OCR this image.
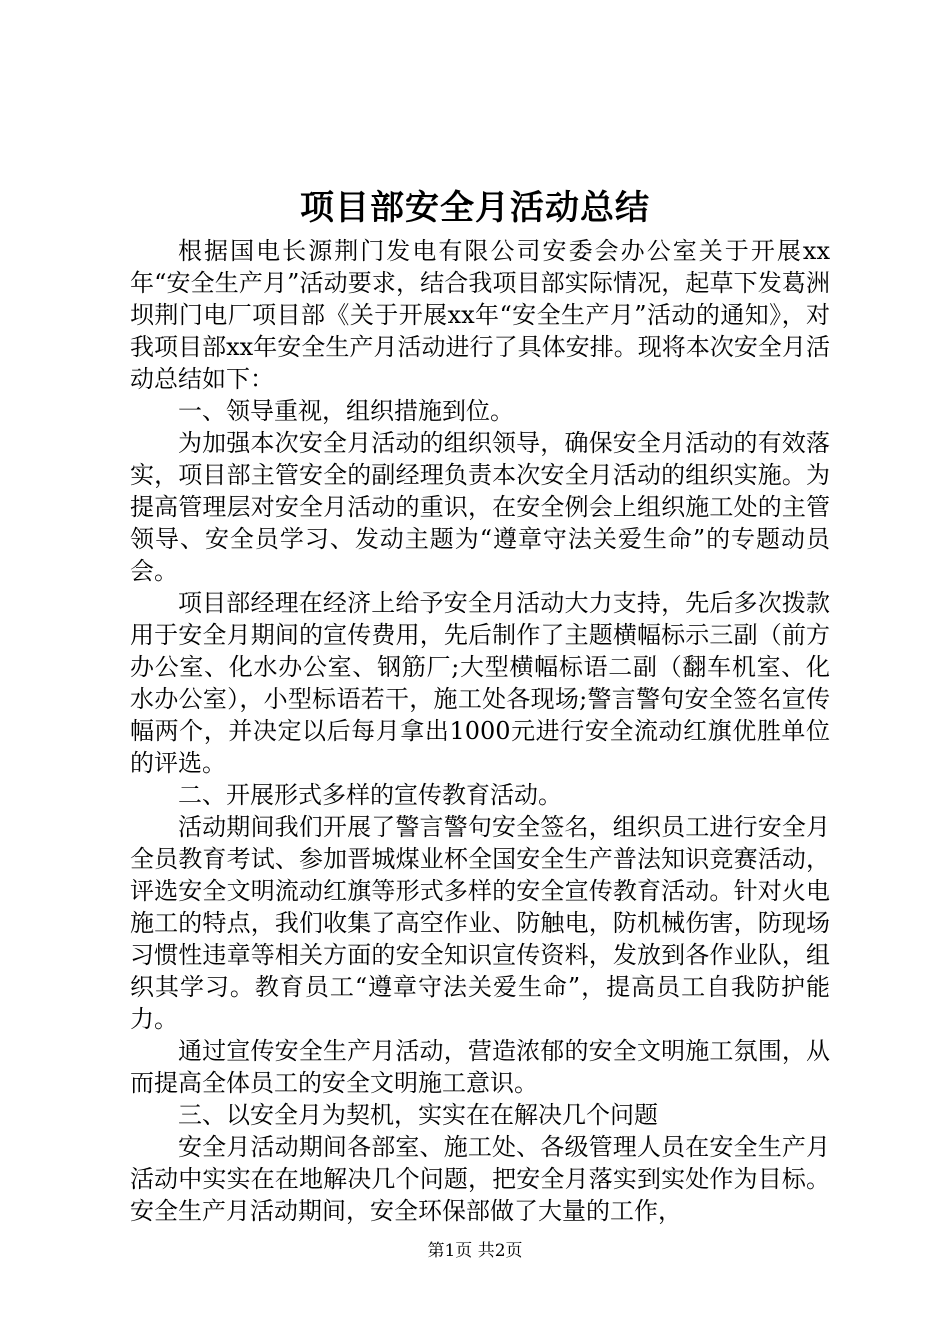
项目部安全月活动总结

根据国电长源荆门发电有限公司安委会办公室关于开展xx年“安全生产月”活动要求，结合我项目部实际情况，起草下发葛洲坝荆门电厂项目部《关于开展xx年“安全生产月”活动的通知》，对我项目部xx年安全生产月活动进行了具体安排。现将本次安全月活动总结如下：

一、领导重视，组织措施到位。

为加强本次安全月活动的组织领导，确保安全月活动的有效落实，项目部主管安全的副经理负责本次安全月活动的组织实施。为提高管理层对安全月活动的重识，在安全例会上组织施工处的主管领导、安全员学习、发动主题为“遵章守法关爱生命”的专题动员会。

项目部经理在经济上给予安全月活动大力支持，先后多次拨款用于安全月期间的宣传费用，先后制作了主题横幅标示三副（前方办公室、化水办公室、钢筋厂;大型横幅标语二副（翻车机室、化水办公室），小型标语若干，施工处各现场;警言警句安全签名宣传幅两个，并决定以后每月拿出1000元进行安全流动红旗优胜单位的评选。

二、开展形式多样的宣传教育活动。

活动期间我们开展了警言警句安全签名，组织员工进行安全月全员教育考试、参加晋城煤业杯全国安全生产普法知识竞赛活动，评选安全文明流动红旗等形式多样的安全宣传教育活动。针对火电施工的特点，我们收集了高空作业、防触电，防机械伤害，防现场习惯性违章等相关方面的安全知识宣传资料，发放到各作业队，组织其学习。教育员工“遵章守法关爱生命”，提高员工自我防护能力。

通过宣传安全生产月活动，营造浓郁的安全文明施工氛围，从而提高全体员工的安全文明施工意识。

三、以安全月为契机，实实在在解决几个问题

安全月活动期间各部室、施工处、各级管理人员在安全生产月活动中实实在在地解决几个问题，把安全月落实到实处作为目标。安全生产月活动期间，安全环保部做了大量的工作，

第1页 共2页
